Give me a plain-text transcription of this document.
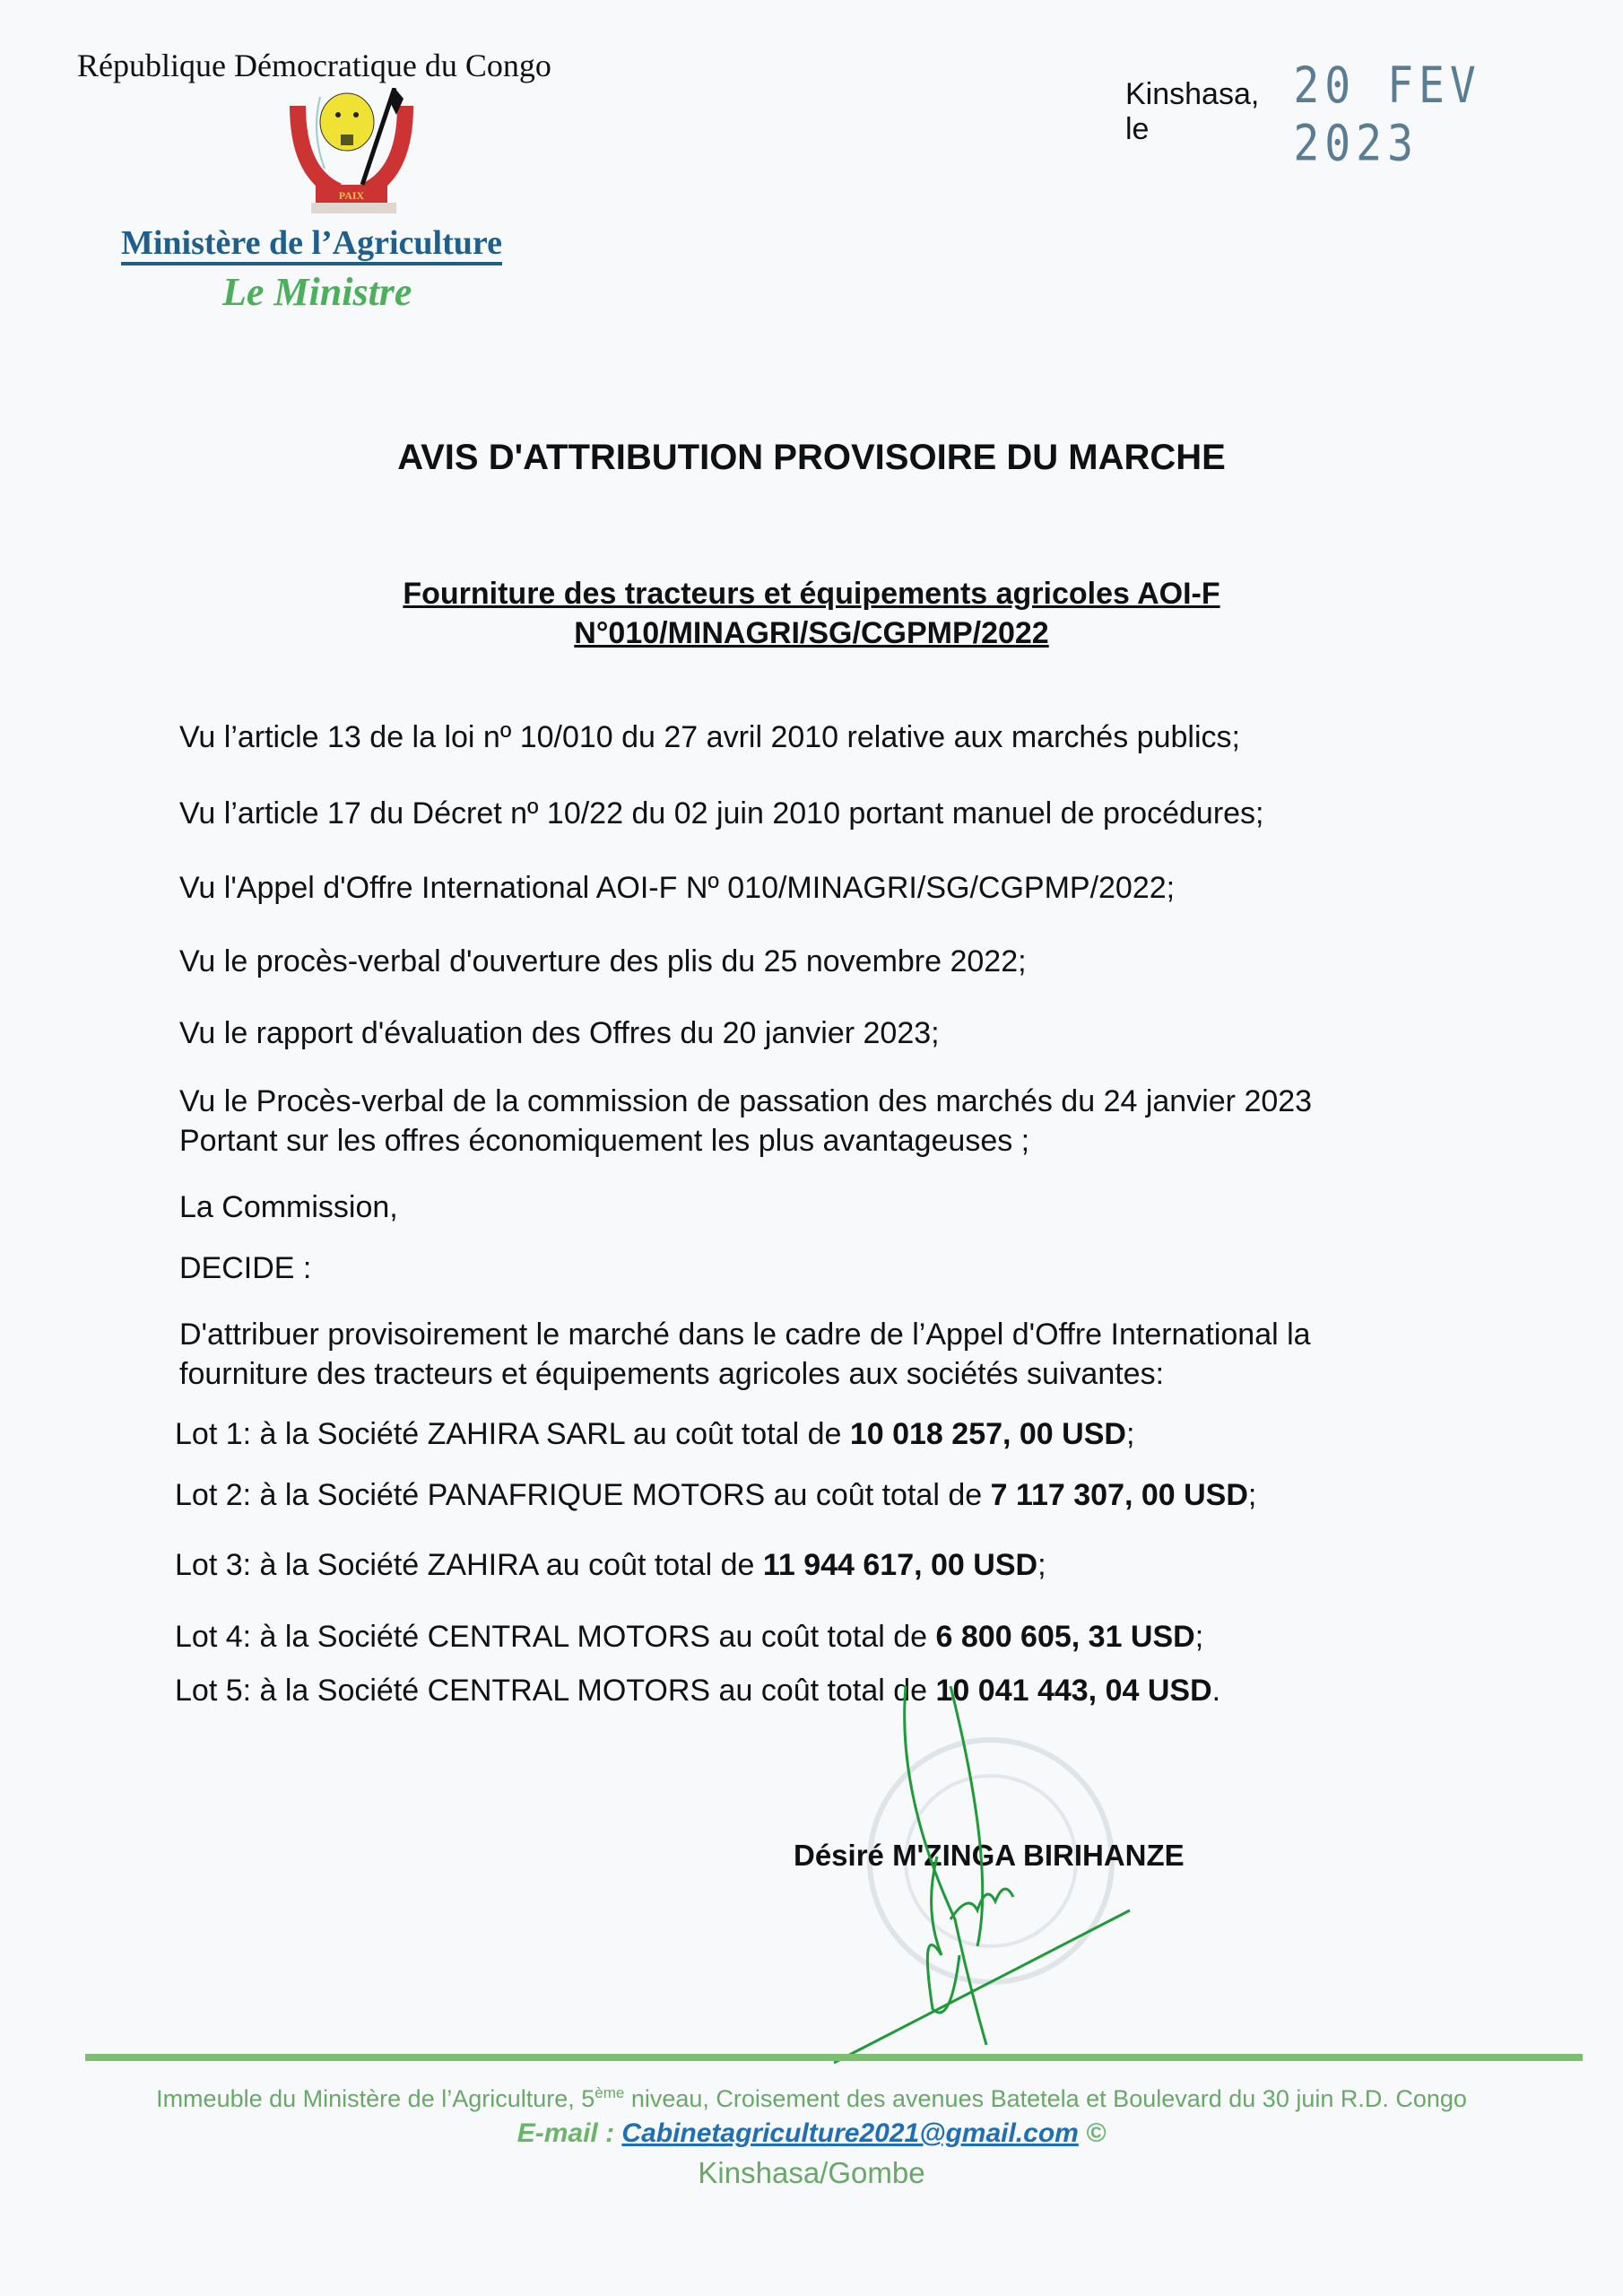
République Démocratique du Congo
PAIX
Ministère de l’Agriculture
Le Ministre
Kinshasa, le
20 FEV 2023
AVIS D'ATTRIBUTION PROVISOIRE DU MARCHE
Fourniture des tracteurs et équipements agricoles AOI-F
N°010/MINAGRI/SG/CGPMP/2022
Vu l’article 13 de la loi nº 10/010 du 27 avril 2010 relative aux marchés publics;
Vu l’article 17 du Décret nº 10/22 du 02 juin 2010 portant manuel de procédures;
Vu l'Appel d'Offre International AOI-F Nº 010/MINAGRI/SG/CGPMP/2022;
Vu le procès-verbal d'ouverture des plis du 25 novembre 2022;
Vu le rapport d'évaluation des Offres du 20 janvier 2023;
Vu le Procès-verbal de la commission de passation des marchés du 24 janvier 2023
Portant sur les offres économiquement les plus avantageuses ;
La Commission,
DECIDE :
D'attribuer provisoirement le marché dans le cadre de l’Appel d'Offre International la
fourniture des tracteurs et équipements agricoles aux sociétés suivantes:
Lot 1: à la Société ZAHIRA SARL au coût total de 10 018 257, 00 USD;
Lot 2: à la Société PANAFRIQUE MOTORS au coût total de 7 117 307, 00 USD;
Lot 3: à la Société ZAHIRA au coût total de 11 944 617, 00 USD;
Lot 4: à la Société CENTRAL MOTORS au coût total de 6 800 605, 31 USD;
Lot 5: à la Société CENTRAL MOTORS au coût total de 10 041 443, 04 USD.
Désiré M'ZINGA BIRIHANZE
Immeuble du Ministère de l’Agriculture, 5ème niveau, Croisement des avenues Batetela et Boulevard du 30 juin R.D. Congo
E-mail : Cabinetagriculture2021@gmail.com ©
Kinshasa/Gombe
